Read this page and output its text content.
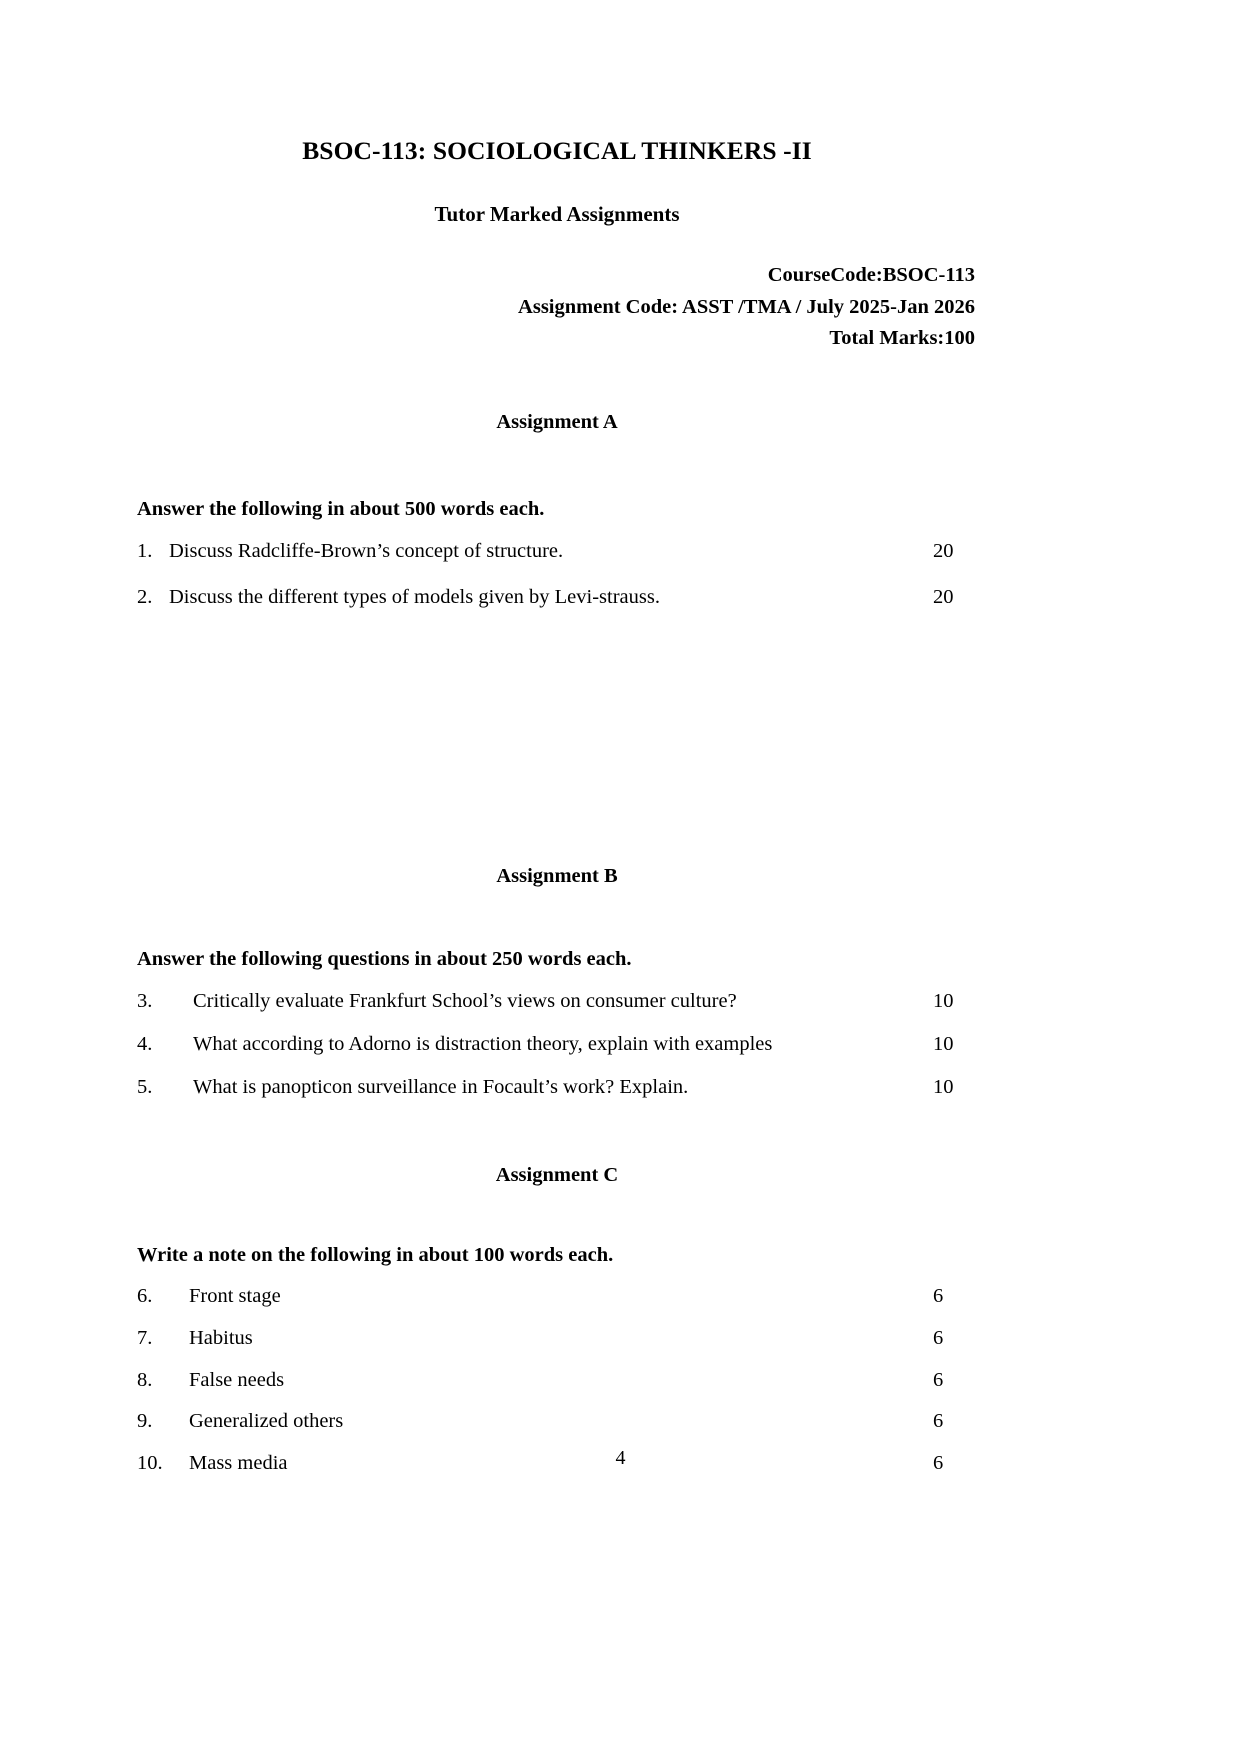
BSOC-113: SOCIOLOGICAL THINKERS -II
Tutor Marked Assignments
CourseCode:BSOC-113
Assignment Code: ASST /TMA / July 2025-Jan 2026
Total Marks:100
Assignment A

Answer the following in about 500 words each.

1. Discuss Radcliffe-Brown’s concept of structure.	20
2. Discuss the different types of models given by Levi-strauss.	20
Assignment B

Answer the following questions in about 250 words each.

3.	Critically evaluate Frankfurt School’s views on consumer culture?	10
4.	What according to Adorno is distraction theory, explain with examples	10
5.	What is panopticon surveillance in Focault’s work? Explain.	10
Assignment C

Write a note on the following in about 100 words each.

6.	Front stage	6
7.	Habitus	6
8.	False needs	6
9.	Generalized others	6
10.	Mass media	6
4
